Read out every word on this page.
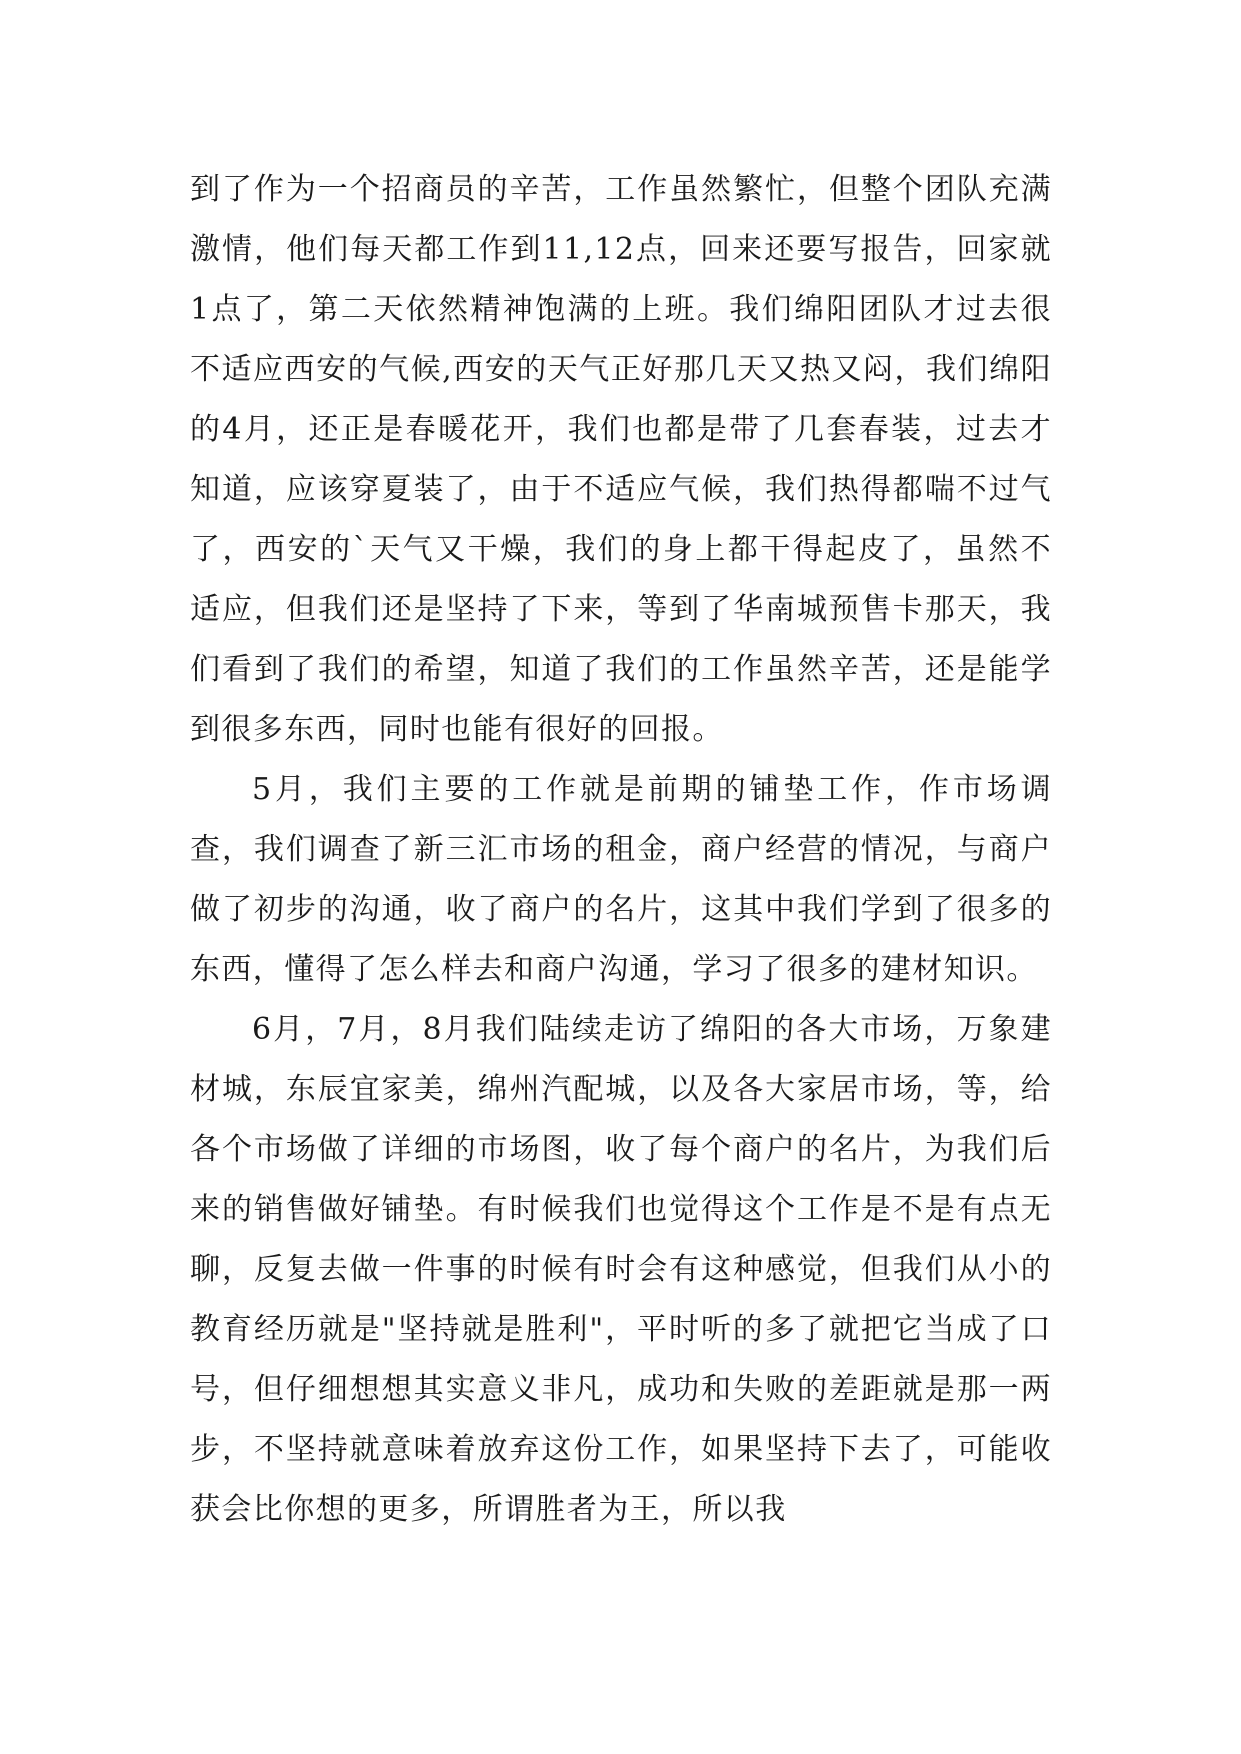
到了作为一个招商员的辛苦，工作虽然繁忙，但整个团队充满激情，他们每天都工作到11,12点，回来还要写报告，回家就1点了，第二天依然精神饱满的上班。我们绵阳团队才过去很不适应西安的气候,西安的天气正好那几天又热又闷，我们绵阳的4月，还正是春暖花开，我们也都是带了几套春装，过去才知道，应该穿夏装了，由于不适应气候，我们热得都喘不过气了，西安的`天气又干燥，我们的身上都干得起皮了，虽然不适应，但我们还是坚持了下来，等到了华南城预售卡那天，我们看到了我们的希望，知道了我们的工作虽然辛苦，还是能学到很多东西，同时也能有很好的回报。

5月，我们主要的工作就是前期的铺垫工作，作市场调查，我们调查了新三汇市场的租金，商户经营的情况，与商户做了初步的沟通，收了商户的名片，这其中我们学到了很多的东西，懂得了怎么样去和商户沟通，学习了很多的建材知识。

6月，7月，8月我们陆续走访了绵阳的各大市场，万象建材城，东辰宜家美，绵州汽配城，以及各大家居市场，等，给各个市场做了详细的市场图，收了每个商户的名片，为我们后来的销售做好铺垫。有时候我们也觉得这个工作是不是有点无聊，反复去做一件事的时候有时会有这种感觉，但我们从小的教育经历就是"坚持就是胜利"，平时听的多了就把它当成了口号，但仔细想想其实意义非凡，成功和失败的差距就是那一两步，不坚持就意味着放弃这份工作，如果坚持下去了，可能收获会比你想的更多，所谓胜者为王，所以我
